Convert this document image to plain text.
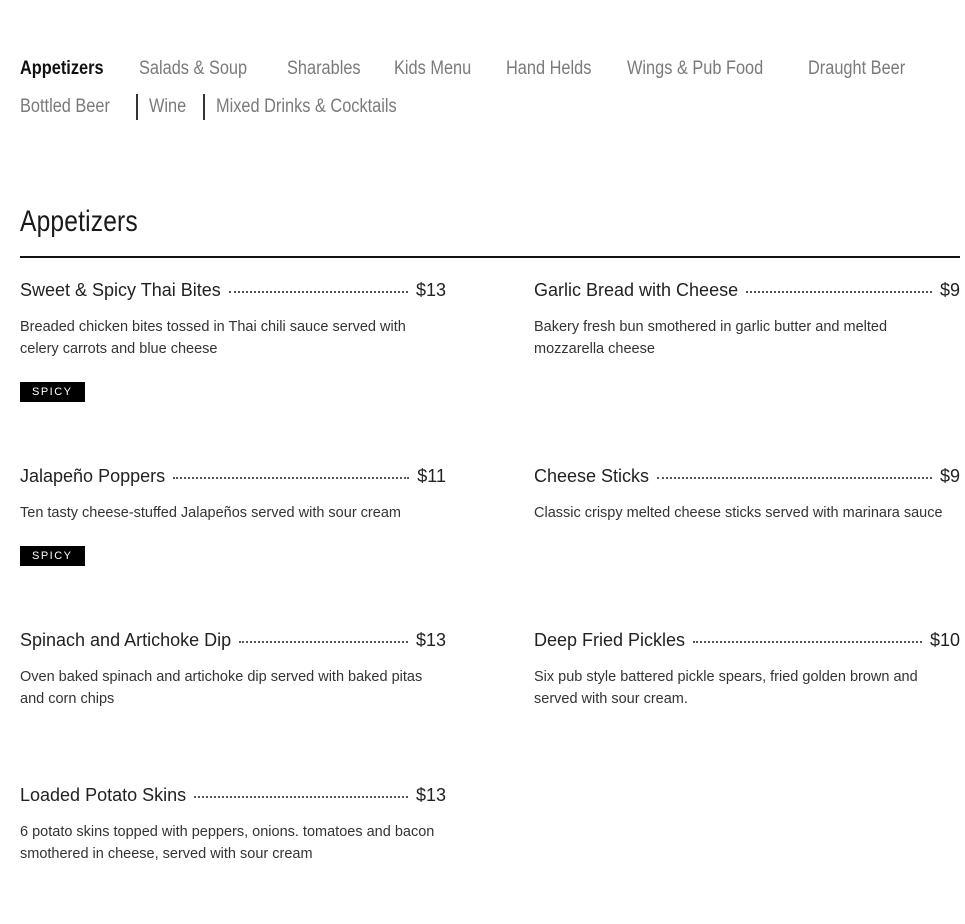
Appetizers Salads & Soup Sharables Kids Menu Hand Helds Wings & Pub Food Draught Beer
Bottled Beer Wine Mixed Drinks & Cocktails
Appetizers
Sweet & Spicy Thai Bites	$13
Breaded chicken bites tossed in Thai chili sauce served with celery carrots and blue cheese
SPICY
Garlic Bread with Cheese	$9
Bakery fresh bun smothered in garlic butter and melted mozzarella cheese
Jalapeño Poppers	$11
Ten tasty cheese-stuffed Jalapeños served with sour cream
SPICY
Cheese Sticks	$9
Classic crispy melted cheese sticks served with marinara sauce
Spinach and Artichoke Dip	$13
Oven baked spinach and artichoke dip served with baked pitas and corn chips
Deep Fried Pickles	$10
Six pub style battered pickle spears, fried golden brown and served with sour cream.
Loaded Potato Skins	$13
6 potato skins topped with peppers, onions. tomatoes and bacon smothered in cheese, served with sour cream
